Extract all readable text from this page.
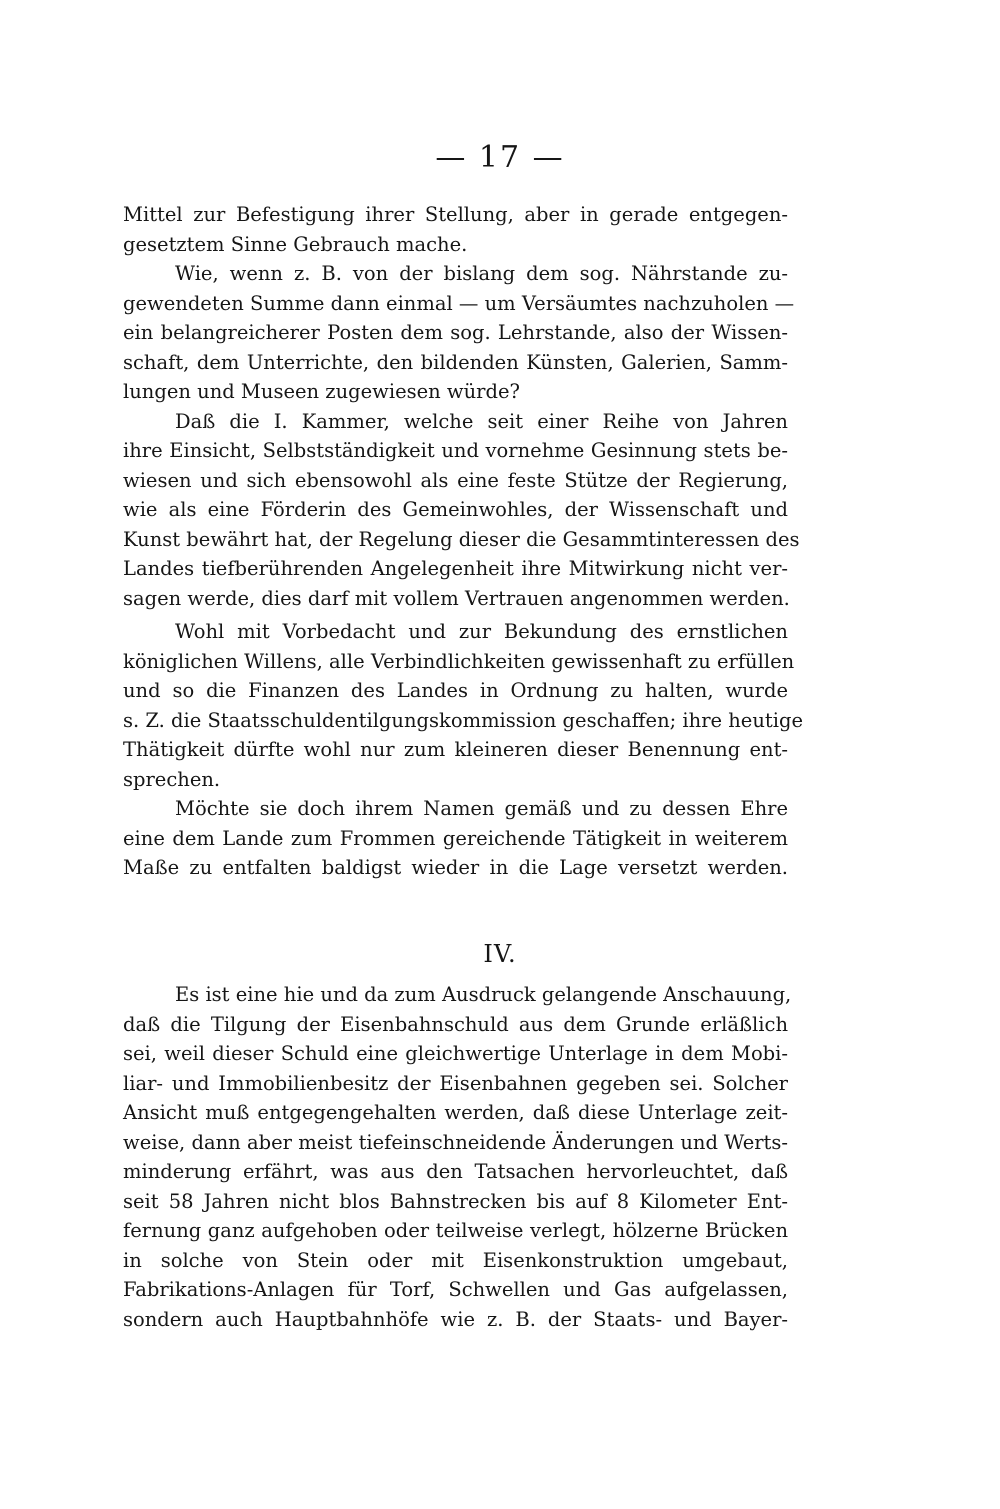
— 17 —
Mittel zur Befestigung ihrer Stellung, aber in gerade entgegen-
gesetztem Sinne Gebrauch mache.
Wie, wenn z. B. von der bislang dem sog. Nährstande zu-
gewendeten Summe dann einmal — um Versäumtes nachzuholen —
ein belangreicherer Posten dem sog. Lehrstande, also der Wissen-
schaft, dem Unterrichte, den bildenden Künsten, Galerien, Samm-
lungen und Museen zugewiesen würde?
Daß die I. Kammer, welche seit einer Reihe von Jahren
ihre Einsicht, Selbstständigkeit und vornehme Gesinnung stets be-
wiesen und sich ebensowohl als eine feste Stütze der Regierung,
wie als eine Förderin des Gemeinwohles, der Wissenschaft und
Kunst bewährt hat, der Regelung dieser die Gesammtinteressen des
Landes tiefberührenden Angelegenheit ihre Mitwirkung nicht ver-
sagen werde, dies darf mit vollem Vertrauen angenommen werden.
Wohl mit Vorbedacht und zur Bekundung des ernstlichen
königlichen Willens, alle Verbindlichkeiten gewissenhaft zu erfüllen
und so die Finanzen des Landes in Ordnung zu halten, wurde
s. Z. die Staatsschuldentilgungskommission geschaffen; ihre heutige
Thätigkeit dürfte wohl nur zum kleineren dieser Benennung ent-
sprechen.
Möchte sie doch ihrem Namen gemäß und zu dessen Ehre
eine dem Lande zum Frommen gereichende Tätigkeit in weiterem
Maße zu entfalten baldigst wieder in die Lage versetzt werden.
IV.
Es ist eine hie und da zum Ausdruck gelangende Anschauung,
daß die Tilgung der Eisenbahnschuld aus dem Grunde erläßlich
sei, weil dieser Schuld eine gleichwertige Unterlage in dem Mobi-
liar- und Immobilienbesitz der Eisenbahnen gegeben sei. Solcher
Ansicht muß entgegengehalten werden, daß diese Unterlage zeit-
weise, dann aber meist tiefeinschneidende Änderungen und Werts-
minderung erfährt, was aus den Tatsachen hervorleuchtet, daß
seit 58 Jahren nicht blos Bahnstrecken bis auf 8 Kilometer Ent-
fernung ganz aufgehoben oder teilweise verlegt, hölzerne Brücken
in solche von Stein oder mit Eisenkonstruktion umgebaut,
Fabrikations-Anlagen für Torf, Schwellen und Gas aufgelassen,
sondern auch Hauptbahnhöfe wie z. B. der Staats- und Bayer-
